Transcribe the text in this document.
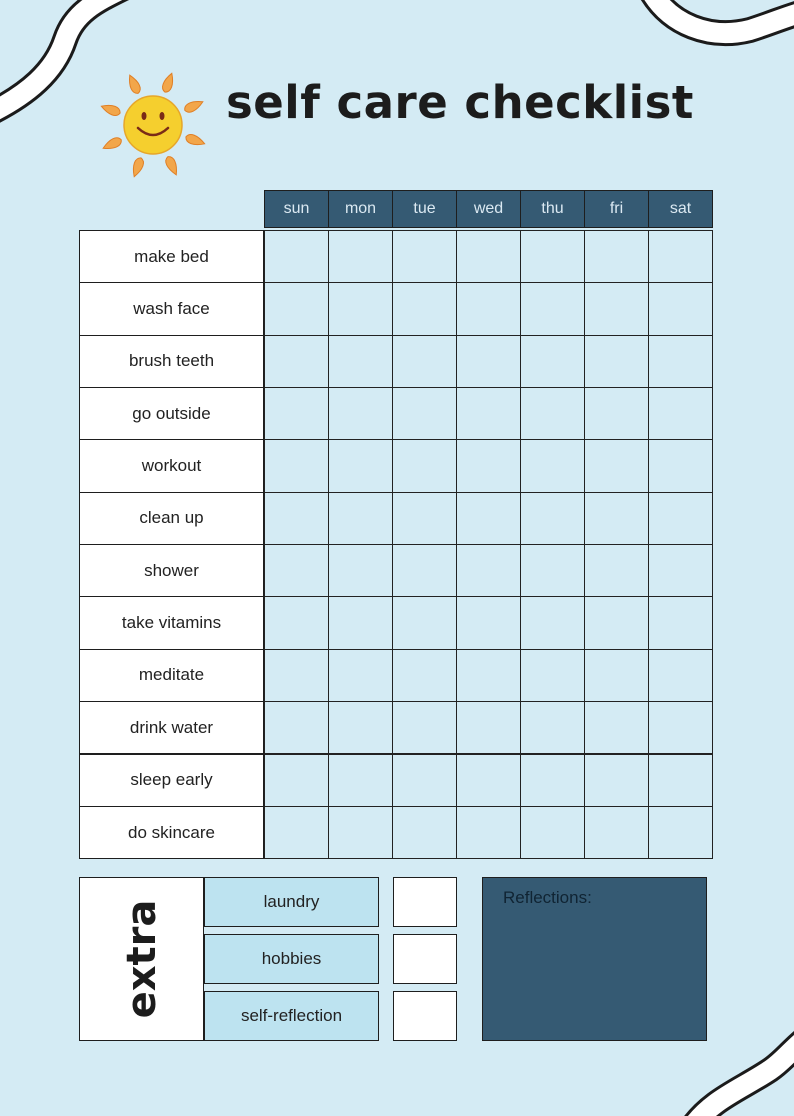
self care checklist
sun	mon	tue	wed	thu	fri	sat
make bed
wash face
brush teeth
go outside
workout
clean up
shower
take vitamins
meditate
drink water
sleep early
do skincare
extra	laundry
hobbies
self-reflection
Reflections:
